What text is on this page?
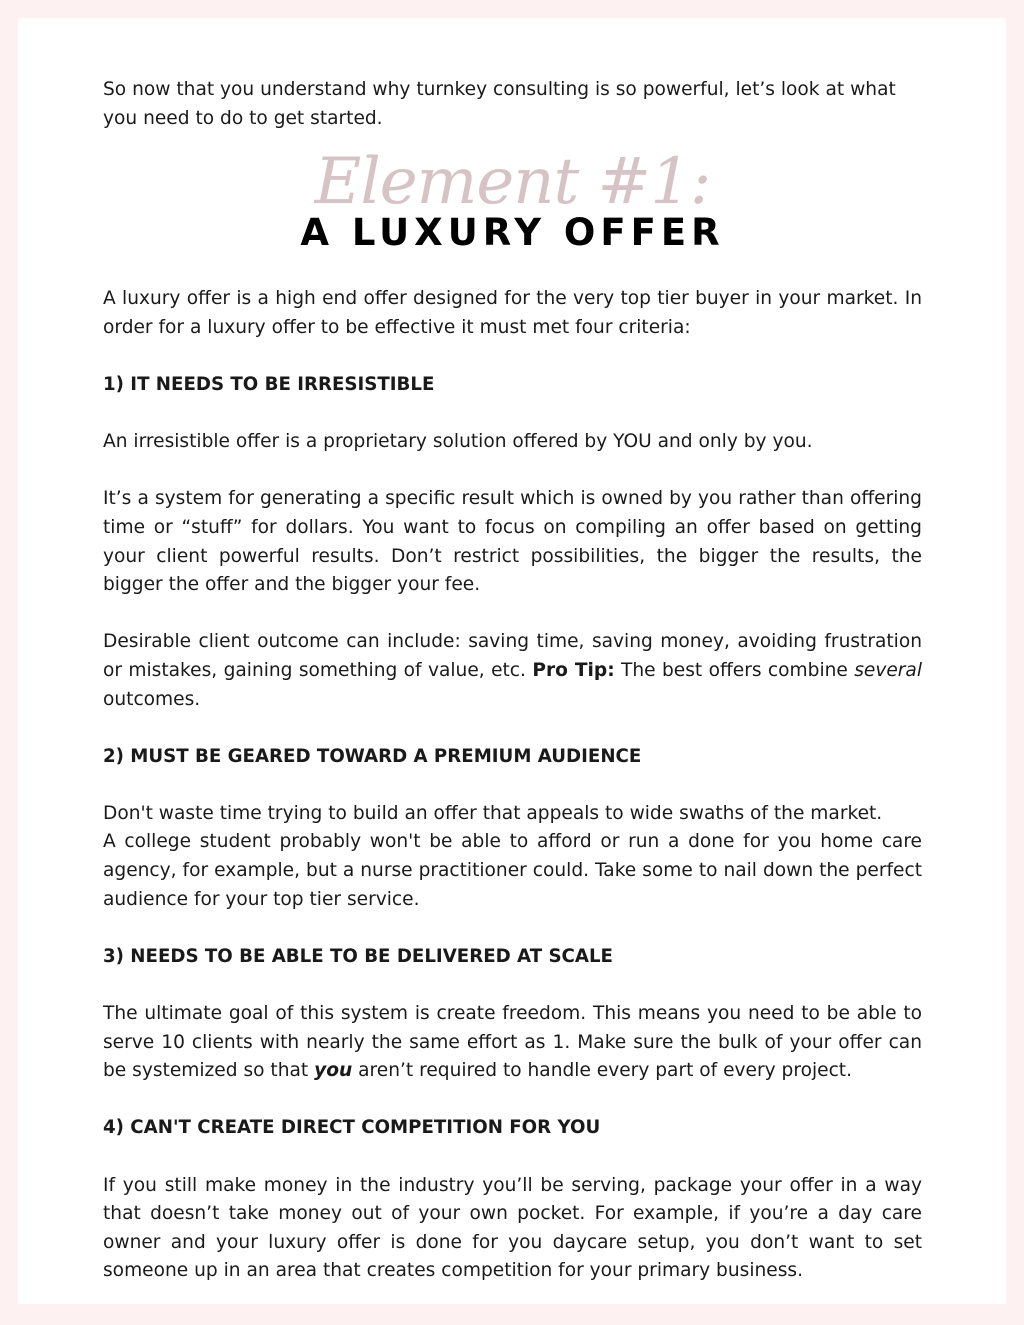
So now that you understand why turnkey consulting is so powerful, let’s look at what you need to do to get started.

Element #1:
A LUXURY OFFER

A luxury offer is a high end offer designed for the very top tier buyer in your market. In order for a luxury offer to be effective it must met four criteria:

1) IT NEEDS TO BE IRRESISTIBLE

An irresistible offer is a proprietary solution offered by YOU and only by you.

It’s a system for generating a specific result which is owned by you rather than offering time or “stuff” for dollars. You want to focus on compiling an offer based on getting your client powerful results. Don’t restrict possibilities, the bigger the results, the bigger the offer and the bigger your fee.

Desirable client outcome can include: saving time, saving money, avoiding frustration or mistakes, gaining something of value, etc. Pro Tip: The best offers combine several outcomes.

2) MUST BE GEARED TOWARD A PREMIUM AUDIENCE

Don't waste time trying to build an offer that appeals to wide swaths of the market.

A college student probably won't be able to afford or run a done for you home care agency, for example, but a nurse practitioner could. Take some to nail down the perfect audience for your top tier service.

3) NEEDS TO BE ABLE TO BE DELIVERED AT SCALE

The ultimate goal of this system is create freedom. This means you need to be able to serve 10 clients with nearly the same effort as 1. Make sure the bulk of your offer can be systemized so that you aren’t required to handle every part of every project.

4) CAN'T CREATE DIRECT COMPETITION FOR YOU

If you still make money in the industry you’ll be serving, package your offer in a way that doesn’t take money out of your own pocket. For example, if you’re a day care owner and your luxury offer is done for you daycare setup, you don’t want to set someone up in an area that creates competition for your primary business.
